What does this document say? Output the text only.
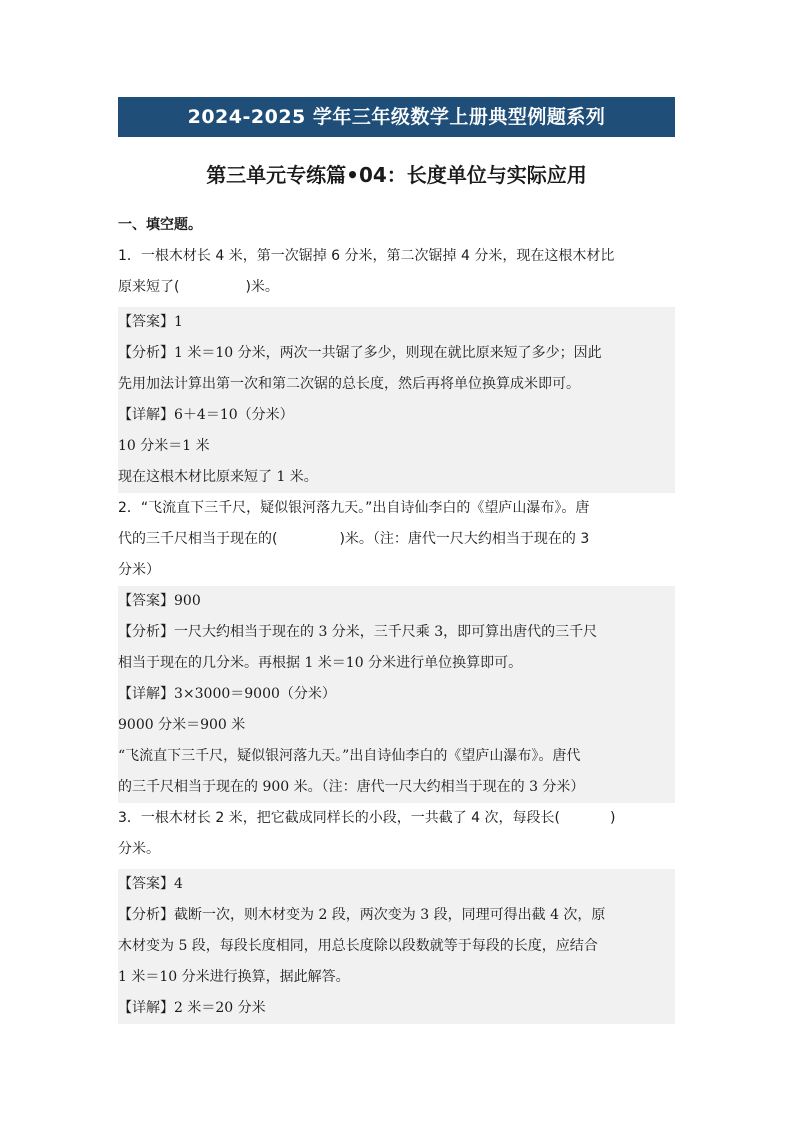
2024-2025 学年三年级数学上册典型例题系列
第三单元专练篇•04：长度单位与实际应用
一、填空题。
1．一根木材长 4 米，第一次锯掉 6 分米，第二次锯掉 4 分米，现在这根木材比
原来短了(	)米。
【答案】1
【分析】1 米＝10 分米，两次一共锯了多少，则现在就比原来短了多少；因此
先用加法计算出第一次和第二次锯的总长度，然后再将单位换算成米即可。
【详解】6＋4＝10（分米）
10 分米＝1 米
现在这根木材比原来短了 1 米。
2．“飞流直下三千尺，疑似银河落九天。”出自诗仙李白的《望庐山瀑布》。唐
代的三千尺相当于现在的(	)米。（注：唐代一尺大约相当于现在的 3
分米）
【答案】900
【分析】一尺大约相当于现在的 3 分米，三千尺乘 3，即可算出唐代的三千尺
相当于现在的几分米。再根据 1 米＝10 分米进行单位换算即可。
【详解】3×3000＝9000（分米）
9000 分米＝900 米
“飞流直下三千尺，疑似银河落九天。”出自诗仙李白的《望庐山瀑布》。唐代
的三千尺相当于现在的 900 米。（注：唐代一尺大约相当于现在的 3 分米）
3．一根木材长 2 米，把它截成同样长的小段，一共截了 4 次，每段长(	)
分米。
【答案】4
【分析】截断一次，则木材变为 2 段，两次变为 3 段，同理可得出截 4 次，原
木材变为 5 段，每段长度相同，用总长度除以段数就等于每段的长度，应结合
1 米＝10 分米进行换算，据此解答。
【详解】2 米＝20 分米
